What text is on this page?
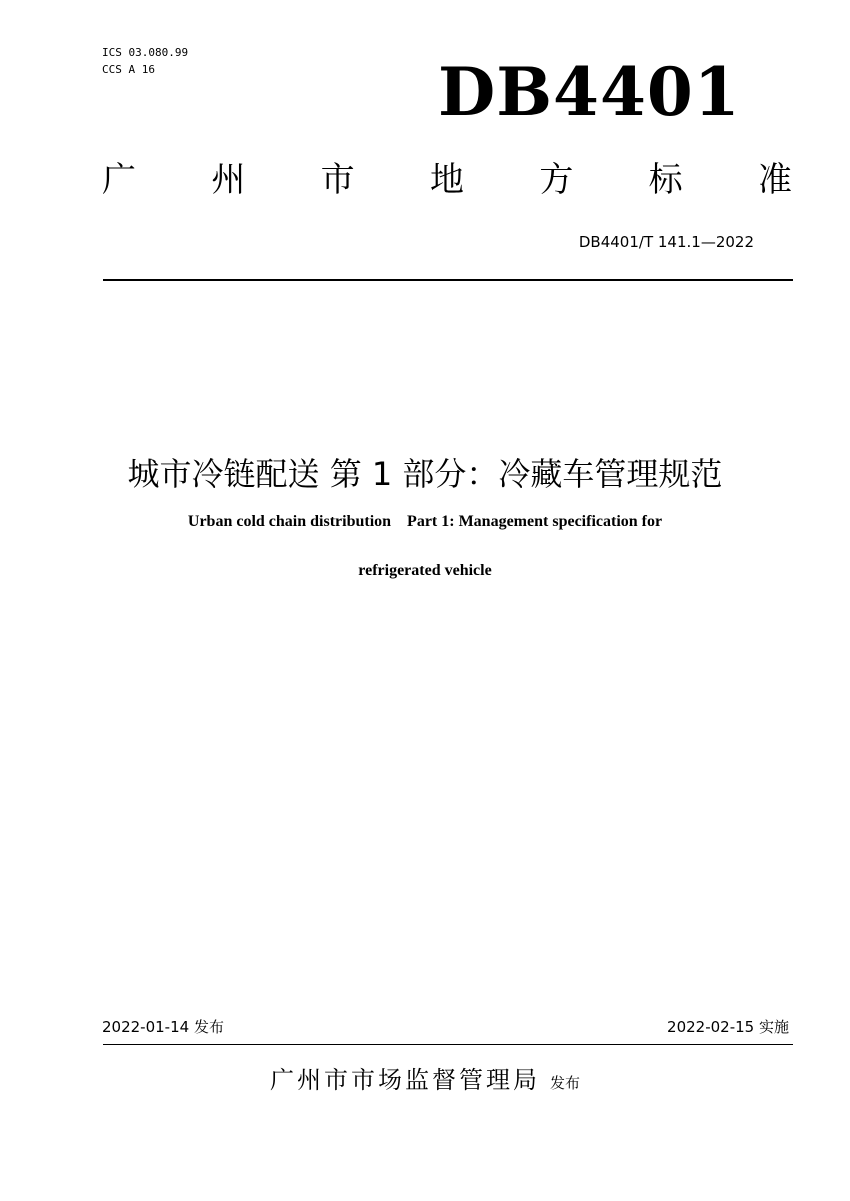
ICS 03.080.99
CCS A 16	DB4401
广 州 市 地 方 标 准
DB4401/T 141.1—2022
城市冷链配送 第 1 部分：冷藏车管理规范
Urban cold chain distribution    Part 1: Management specification for
refrigerated vehicle
2022-01-14 发布	2022-02-15 实施
广州市市场监督管理局 发布
